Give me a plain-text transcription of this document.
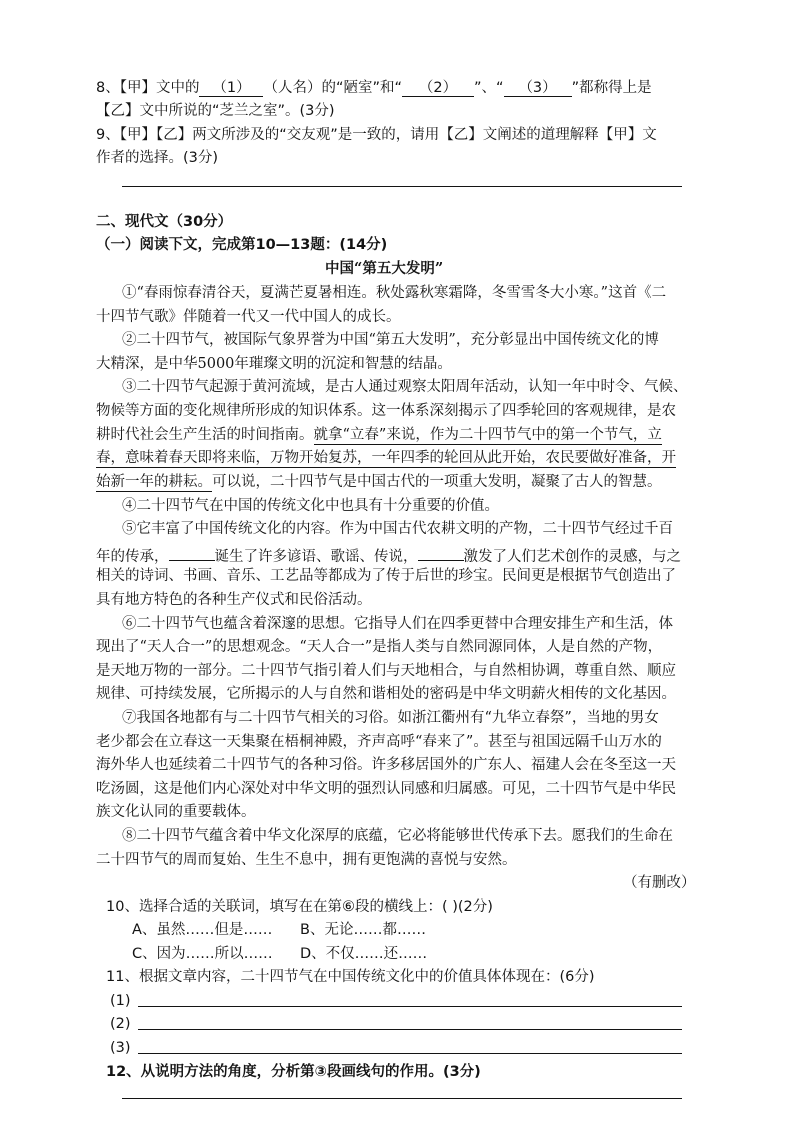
8、【甲】文中的 （1） （人名）的“陋室”和“ （2） ”、“ （3） ”都称得上是
【乙】文中所说的“芝兰之室”。(3分)
9、【甲】【乙】两文所涉及的“交友观”是一致的，请用【乙】文阐述的道理解释【甲】文
作者的选择。(3分)
二、现代文（30分）
（一）阅读下文，完成第10—13题：(14分)
中国“第五大发明”
①“春雨惊春清谷天，夏满芒夏暑相连。秋处露秋寒霜降，冬雪雪冬大小寒。”这首《二
十四节气歌》伴随着一代又一代中国人的成长。
②二十四节气，被国际气象界誉为中国“第五大发明”，充分彰显出中国传统文化的博
大精深，是中华5000年璀璨文明的沉淀和智慧的结晶。
③二十四节气起源于黄河流域，是古人通过观察太阳周年活动，认知一年中时令、气候、
物候等方面的变化规律所形成的知识体系。这一体系深刻揭示了四季轮回的客观规律，是农
耕时代社会生产生活的时间指南。就拿“立春”来说，作为二十四节气中的第一个节气，立
春，意味着春天即将来临，万物开始复苏，一年四季的轮回从此开始，农民要做好准备，开
始新一年的耕耘。可以说，二十四节气是中国古代的一项重大发明，凝聚了古人的智慧。
④二十四节气在中国的传统文化中也具有十分重要的价值。
⑤它丰富了中国传统文化的内容。作为中国古代农耕文明的产物，二十四节气经过千百
年的传承，	诞生了许多谚语、歌谣、传说，	激发了人们艺术创作的灵感，与之
相关的诗词、书画、音乐、工艺品等都成为了传于后世的珍宝。民间更是根据节气创造出了
具有地方特色的各种生产仪式和民俗活动。
⑥二十四节气也蕴含着深邃的思想。它指导人们在四季更替中合理安排生产和生活，体
现出了“天人合一”的思想观念。“天人合一”是指人类与自然同源同体，人是自然的产物，
是天地万物的一部分。二十四节气指引着人们与天地相合，与自然相协调，尊重自然、顺应
规律、可持续发展，它所揭示的人与自然和谐相处的密码是中华文明薪火相传的文化基因。
⑦我国各地都有与二十四节气相关的习俗。如浙江衢州有“九华立春祭”，当地的男女
老少都会在立春这一天集聚在梧桐神殿，齐声高呼“春来了”。甚至与祖国远隔千山万水的
海外华人也延续着二十四节气的各种习俗。许多移居国外的广东人、福建人会在冬至这一天
吃汤圆，这是他们内心深处对中华文明的强烈认同感和归属感。可见，二十四节气是中华民
族文化认同的重要载体。
⑧二十四节气蕴含着中华文化深厚的底蕴，它必将能够世代传承下去。愿我们的生命在
二十四节气的周而复始、生生不息中，拥有更饱满的喜悦与安然。
（有删改）
10、选择合适的关联词，填写在在第⑥段的横线上：( )(2分)
A、虽然……但是…… B、无论……都……
C、因为……所以…… D、不仅……还……
11、根据文章内容，二十四节气在中国传统文化中的价值具体体现在：(6分)
(1)
(2)
(3)
12、从说明方法的角度，分析第③段画线句的作用。(3分)
